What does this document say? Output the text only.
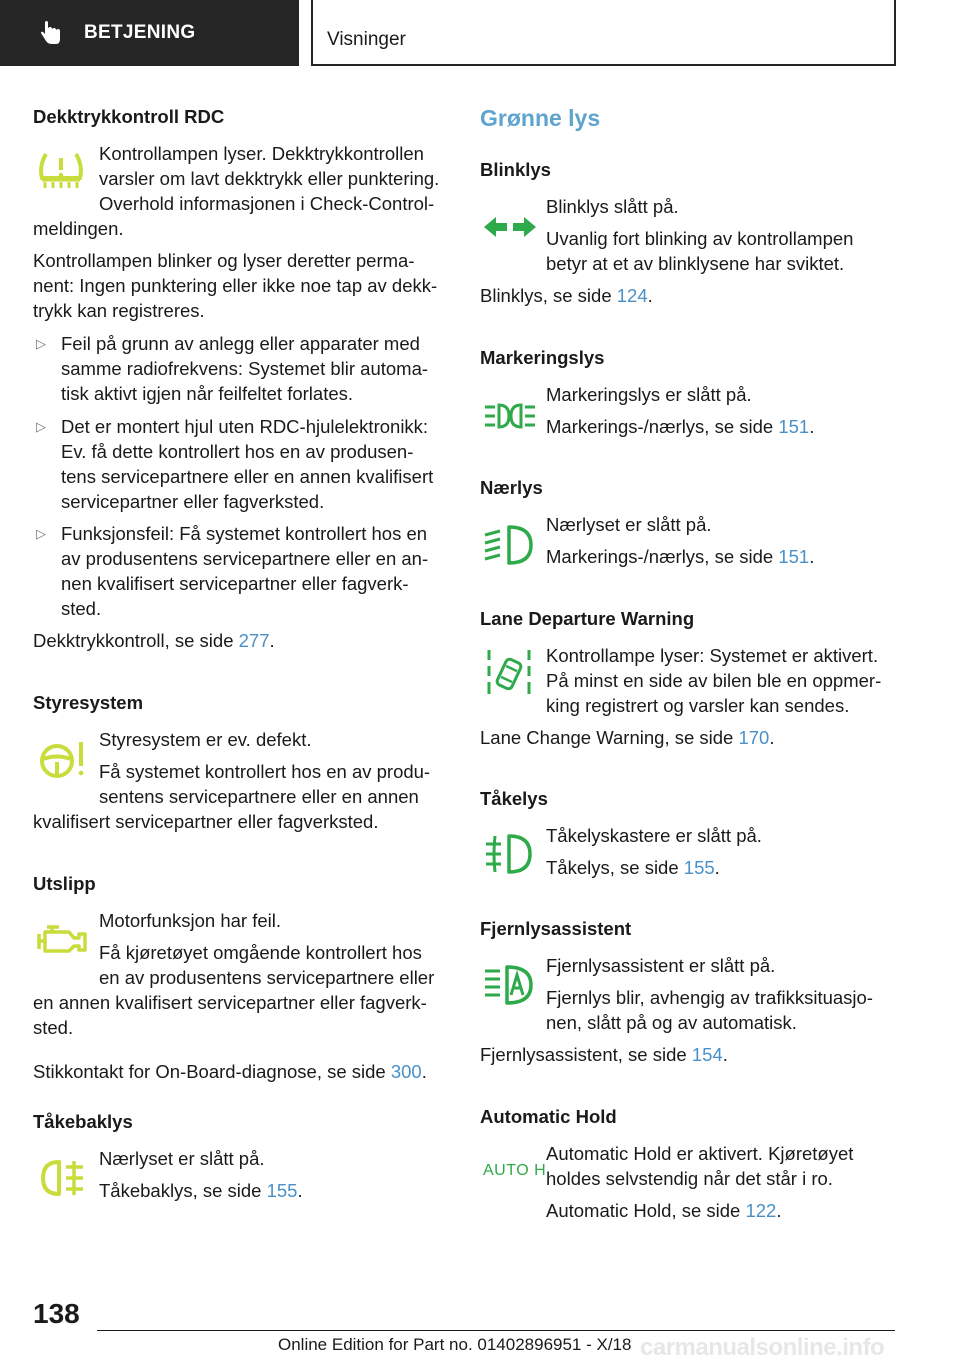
BETJENING	Visninger
Dekktrykkontroll RDC
Kontrollampen lyser. Dekktrykkontrollen
varsler om lavt dekktrykk eller punktering.
Overhold informasjonen i Check-Control-
meldingen.
Kontrollampen blinker og lyser deretter perma-
nent: Ingen punktering eller ikke noe tap av dekk-
trykk kan registreres.
▷ Feil på grunn av anlegg eller apparater med
samme radiofrekvens: Systemet blir automa-
tisk aktivt igjen når feilfeltet forlates.
▷ Det er montert hjul uten RDC-hjulelektronikk:
Ev. få dette kontrollert hos en av produsen-
tens servicepartnere eller en annen kvalifisert
servicepartner eller fagverksted.
▷ Funksjonsfeil: Få systemet kontrollert hos en
av produsentens servicepartnere eller en an-
nen kvalifisert servicepartner eller fagverk-
sted.
Dekktrykkontroll, se side 277.
Styresystem
Styresystem er ev. defekt.
Få systemet kontrollert hos en av produ-
sentens servicepartnere eller en annen
kvalifisert servicepartner eller fagverksted.
Utslipp
Motorfunksjon har feil.
Få kjøretøyet omgående kontrollert hos
en av produsentens servicepartnere eller
en annen kvalifisert servicepartner eller fagverk-
sted.
Stikkontakt for On-Board-diagnose, se side 300.
Tåkebaklys
Nærlyset er slått på.
Tåkebaklys, se side 155.
Grønne lys
Blinklys
Blinklys slått på.
Uvanlig fort blinking av kontrollampen
betyr at et av blinklysene har sviktet.
Blinklys, se side 124.
Markeringslys
Markeringslys er slått på.
Markerings-/nærlys, se side 151.
Nærlys
Nærlyset er slått på.
Markerings-/nærlys, se side 151.
Lane Departure Warning
Kontrollampe lyser: Systemet er aktivert.
På minst en side av bilen ble en oppmer-
king registrert og varsler kan sendes.
Lane Change Warning, se side 170.
Tåkelys
Tåkelyskastere er slått på.
Tåkelys, se side 155.
Fjernlysassistent
Fjernlysassistent er slått på.
Fjernlys blir, avhengig av trafikksituasjo-
nen, slått på og av automatisk.
Fjernlysassistent, se side 154.
Automatic Hold
AUTO H
Automatic Hold er aktivert. Kjøretøyet
holdes selvstendig når det står i ro.
Automatic Hold, se side 122.
138
Online Edition for Part no. 01402896951 - X/18 carmanualsonline.info
